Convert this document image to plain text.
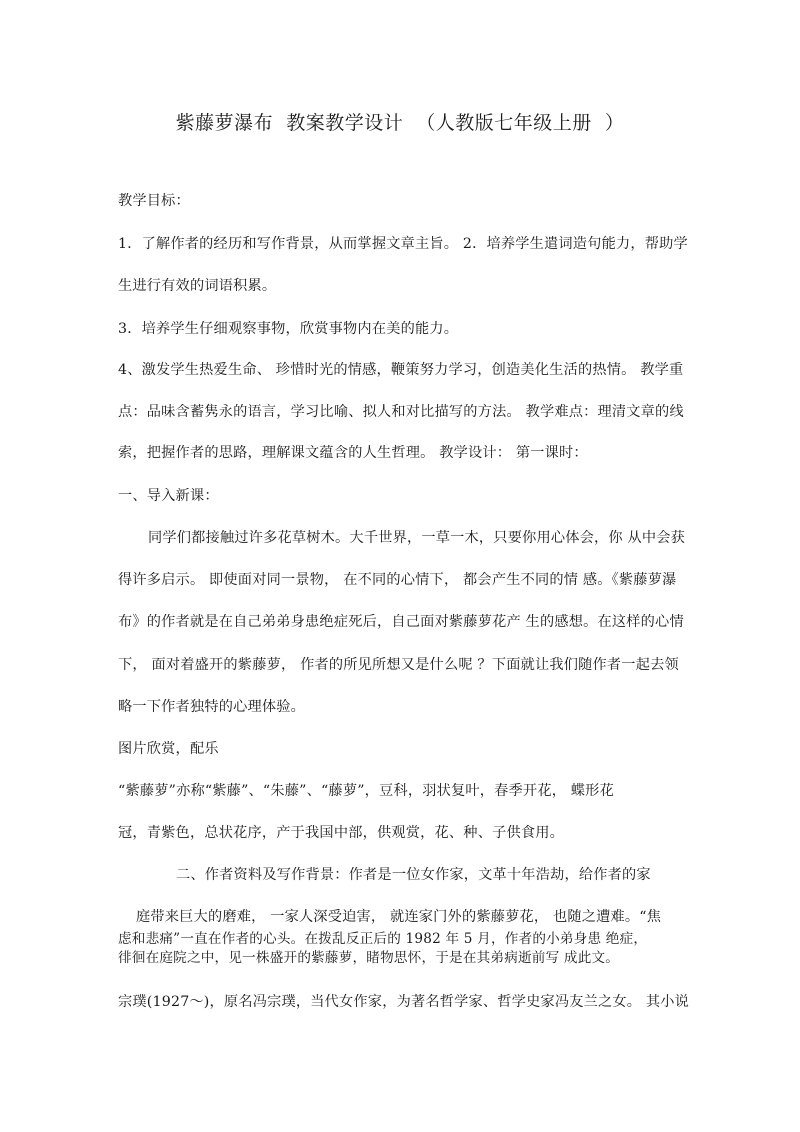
紫藤萝瀑布  教案教学设计  （人教版七年级上册  ）
教学目标：
1．了解作者的经历和写作背景，从而掌握文章主旨。 2．培养学生遣词造句能力，帮助学
生进行有效的词语积累。
3．培养学生仔细观察事物，欣赏事物内在美的能力。
4、激发学生热爱生命、 珍惜时光的情感，鞭策努力学习，创造美化生活的热情。 教学重
点：品味含蓄隽永的语言，学习比喻、拟人和对比描写的方法。 教学难点：理清文章的线
索，把握作者的思路，理解课文蕴含的人生哲理。 教学设计： 第一课时：
一、导入新课：
同学们都接触过许多花草树木。大千世界，一草一木，只要你用心体会，你 从中会获
得许多启示。 即使面对同一景物， 在不同的心情下， 都会产生不同的情 感。《紫藤萝瀑
布》的作者就是在自己弟弟身患绝症死后，自己面对紫藤萝花产 生的感想。在这样的心情
下， 面对着盛开的紫藤萝， 作者的所见所想又是什么呢 ？下面就让我们随作者一起去领
略一下作者独特的心理体验。
图片欣赏，配乐
“紫藤萝”亦称“紫藤”、“朱藤”、“藤萝”，豆科，羽状复叶，春季开花， 蝶形花
冠，青紫色，总状花序，产于我国中部，供观赏，花、种、子供食用。
二、作者资料及写作背景：作者是一位女作家，文革十年浩劫，给作者的家
庭带来巨大的磨难， 一家人深受迫害， 就连家门外的紫藤萝花， 也随之遭难。“焦
虑和悲痛”一直在作者的心头。在拨乱反正后的 1982 年 5 月，作者的小弟身患 绝症，
徘徊在庭院之中，见一株盛开的紫藤萝，睹物思怀，于是在其弟病逝前写 成此文。
宗璞(1927～)，原名冯宗璞，当代女作家，为著名哲学家、哲学史家冯友兰之女。 其小说
